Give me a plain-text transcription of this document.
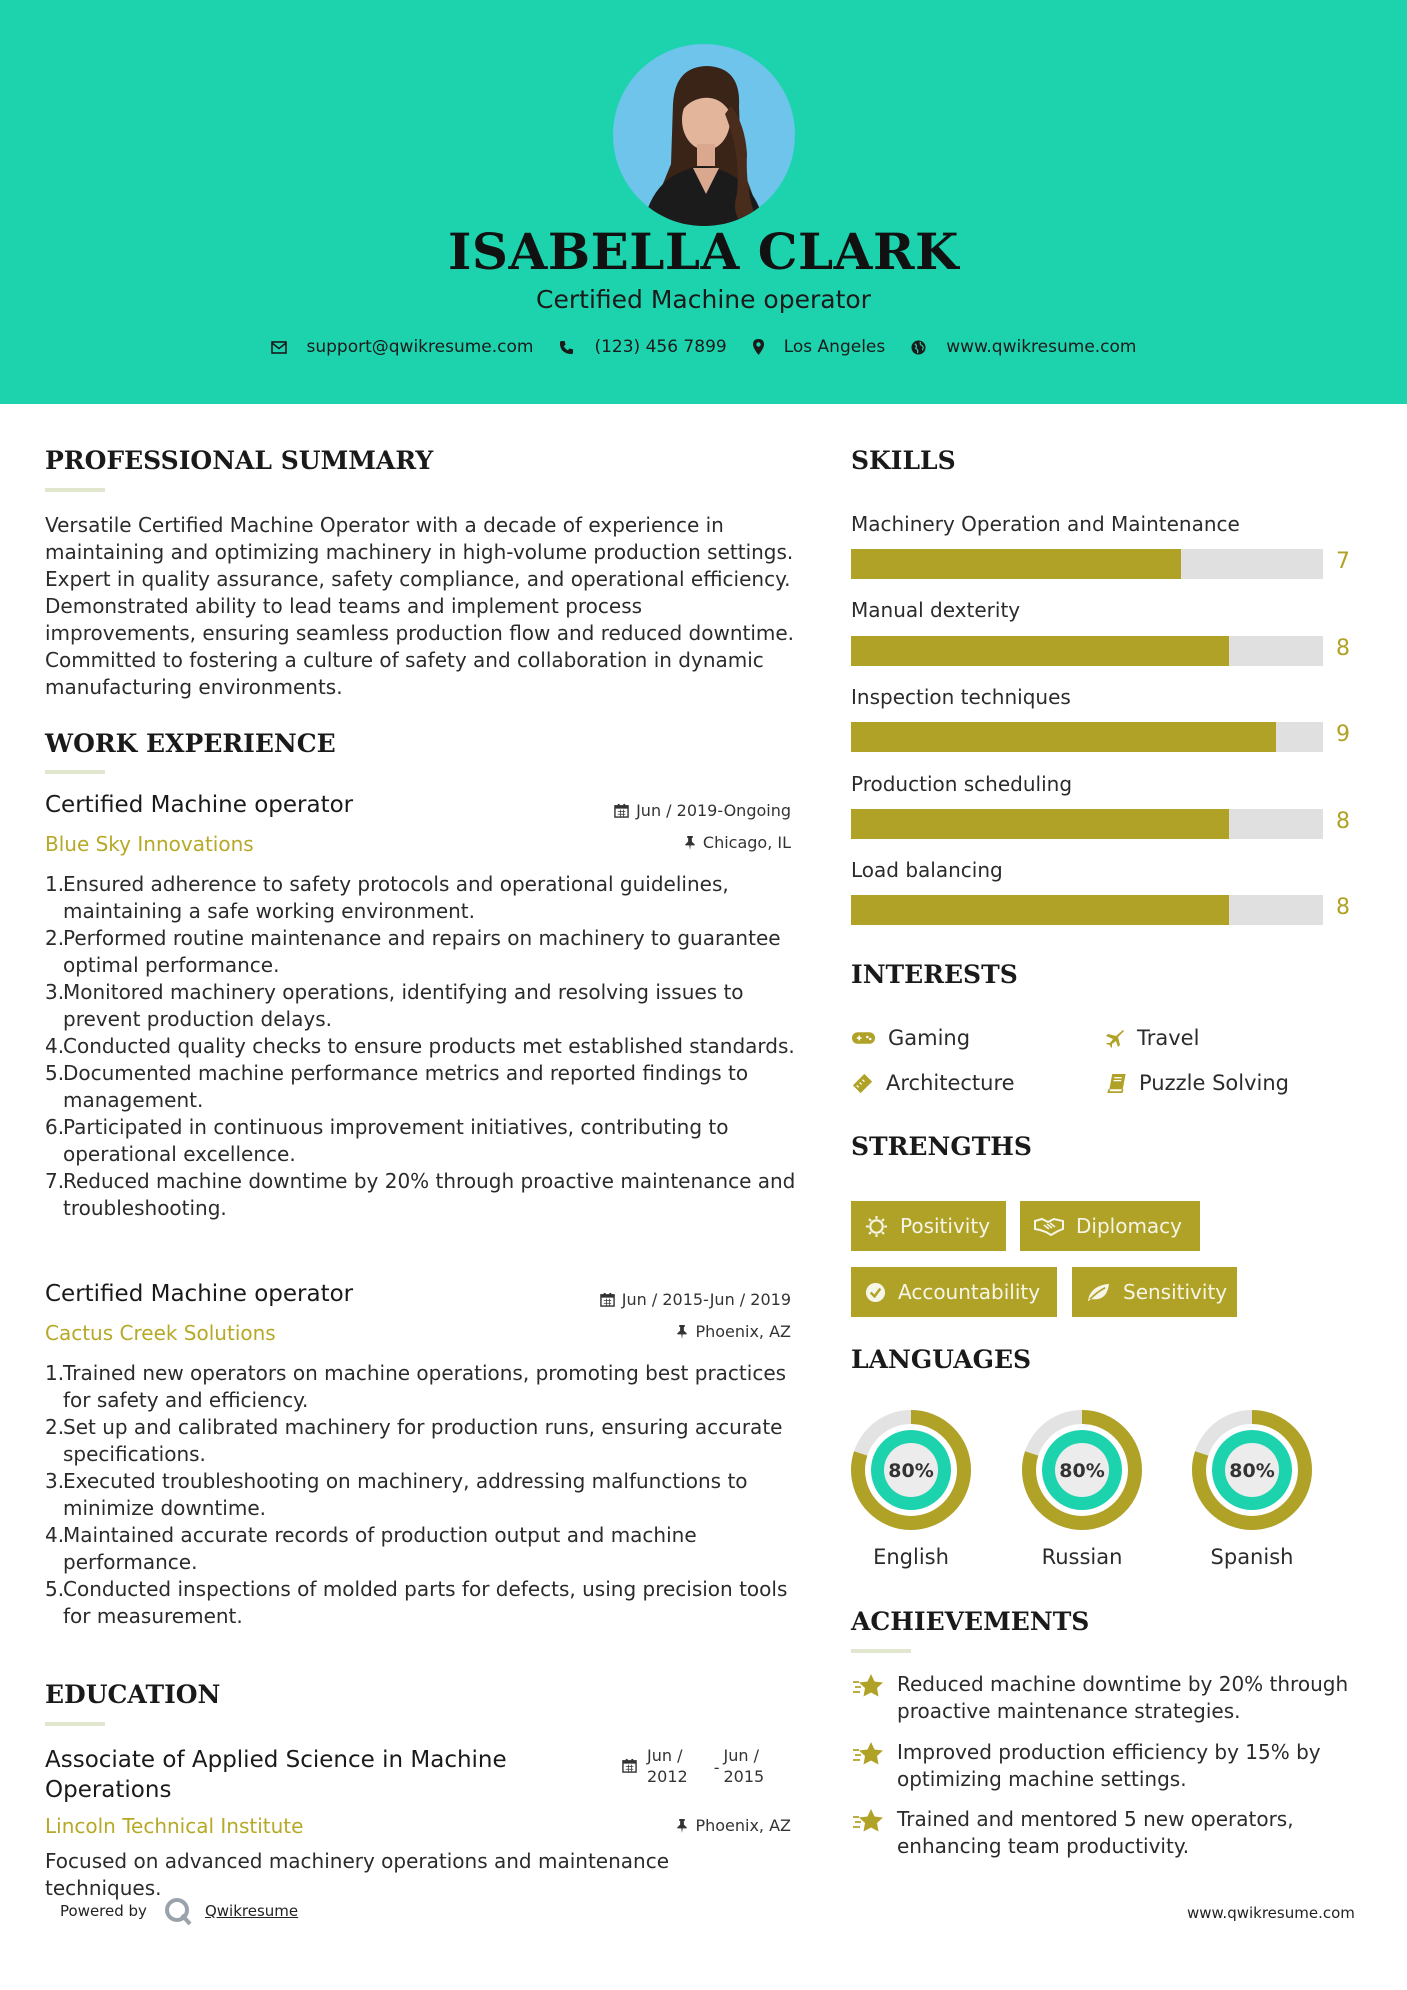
ISABELLA CLARK
Certified Machine operator
support@qwikresume.com	(123) 456 7899	Los Angeles	www.qwikresume.com
PROFESSIONAL SUMMARY
Versatile Certified Machine Operator with a decade of experience in maintaining and optimizing machinery in high-volume production settings. Expert in quality assurance, safety compliance, and operational efficiency. Demonstrated ability to lead teams and implement process improvements, ensuring seamless production flow and reduced downtime. Committed to fostering a culture of safety and collaboration in dynamic manufacturing environments.
WORK EXPERIENCE
Certified Machine operator	Jun / 2019-Ongoing
Blue Sky Innovations	Chicago, IL
1.
Ensured adherence to safety protocols and operational guidelines, maintaining a safe working environment.
2.
Performed routine maintenance and repairs on machinery to guarantee optimal performance.
3.
Monitored machinery operations, identifying and resolving issues to prevent production delays.
4.
Conducted quality checks to ensure products met established standards.
5.
Documented machine performance metrics and reported findings to management.
6.
Participated in continuous improvement initiatives, contributing to operational excellence.
7.
Reduced machine downtime by 20% through proactive maintenance and troubleshooting.
Certified Machine operator	Jun / 2015-Jun / 2019
Cactus Creek Solutions	Phoenix, AZ
1.
Trained new operators on machine operations, promoting best practices for safety and efficiency.
2.
Set up and calibrated machinery for production runs, ensuring accurate specifications.
3.
Executed troubleshooting on machinery, addressing malfunctions to minimize downtime.
4.
Maintained accurate records of production output and machine performance.
5.
Conducted inspections of molded parts for defects, using precision tools for measurement.
EDUCATION
Associate of Applied Science in Machine
Operations
Jun /
2012 -
Jun /
2015
Lincoln Technical Institute	Phoenix, AZ
Focused on advanced machinery operations and maintenance techniques.
SKILLS
Machinery Operation and Maintenance
7
Manual dexterity
8
Inspection techniques
9
Production scheduling
8
Load balancing
8
INTERESTS
Gaming	Travel
Architecture	Puzzle Solving
STRENGTHS
Positivity	Diplomacy
Accountability	Sensitivity
LANGUAGES
80%
English
80%
Russian
80%
Spanish
ACHIEVEMENTS
Reduced machine downtime by 20% through proactive maintenance strategies.
Improved production efficiency by 15% by optimizing machine settings.
Trained and mentored 5 new operators, enhancing team productivity.
Powered by	Qwikresume	www.qwikresume.com
